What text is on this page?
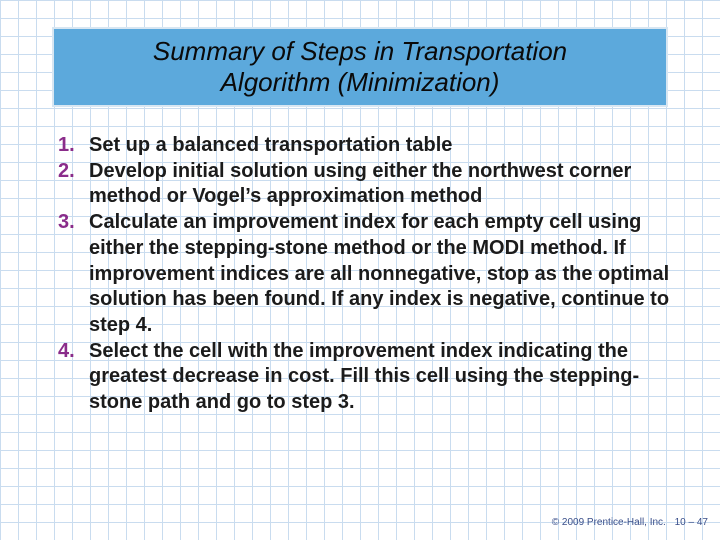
Summary of Steps in Transportation
Algorithm (Minimization)
1. Set up a balanced transportation table
2. Develop initial solution using either the northwest corner method or Vogel’s approximation method
3. Calculate an improvement index for each empty cell using either the stepping-stone method or the MODI method. If improvement indices are all nonnegative, stop as the optimal solution has been found. If any index is negative, continue to step 4.
4. Select the cell with the improvement index indicating the greatest decrease in cost. Fill this cell using the stepping-stone path and go to step 3.
© 2009 Prentice-Hall, Inc. 10 – 47
